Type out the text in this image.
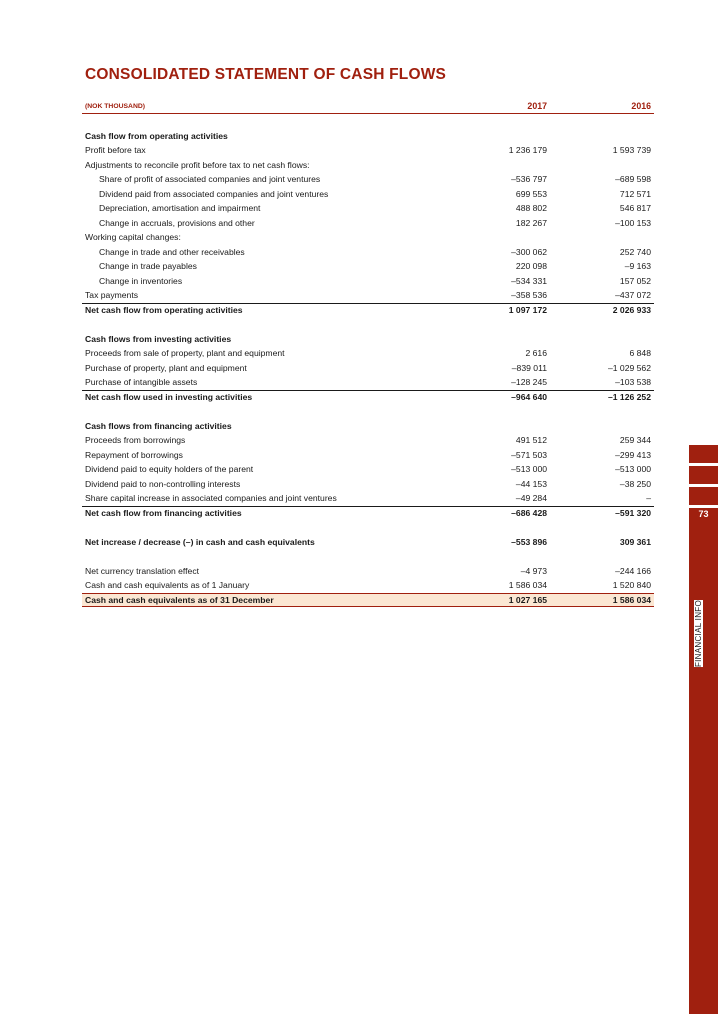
CONSOLIDATED STATEMENT OF CASH FLOWS
(NOK THOUSAND)	2017	2016
Cash flow from operating activities
Profit before tax	1 236 179	1 593 739
Adjustments to reconcile profit before tax to net cash flows:
Share of profit of associated companies and joint ventures	–536 797	–689 598
Dividend paid from associated companies and joint ventures	699 553	712 571
Depreciation, amortisation and impairment	488 802	546 817
Change in accruals, provisions and other	182 267	–100 153
Working capital changes:
Change in trade and other receivables	–300 062	252 740
Change in trade payables	220 098	–9 163
Change in inventories	–534 331	157 052
Tax payments	–358 536	–437 072
Net cash flow from operating activities	1 097 172	2 026 933
Cash flows from investing activities
Proceeds from sale of property, plant and equipment	2 616	6 848
Purchase of property, plant and equipment	–839 011	–1 029 562
Purchase of intangible assets	–128 245	–103 538
Net cash flow used in investing activities	–964 640	–1 126 252
Cash flows from financing activities
Proceeds from borrowings	491 512	259 344
Repayment of borrowings	–571 503	–299 413
Dividend paid to equity holders of the parent	–513 000	–513 000
Dividend paid to non-controlling interests	–44 153	–38 250
Share capital increase in associated companies and joint ventures	–49 284	–
Net cash flow from financing activities	–686 428	–591 320
Net increase / decrease (–) in cash and cash equivalents	–553 896	309 361
Net currency translation effect	–4 973	–244 166
Cash and cash equivalents as of 1 January	1 586 034	1 520 840
Cash and cash equivalents as of 31 December	1 027 165	1 586 034
73
FINANCIAL INFO
